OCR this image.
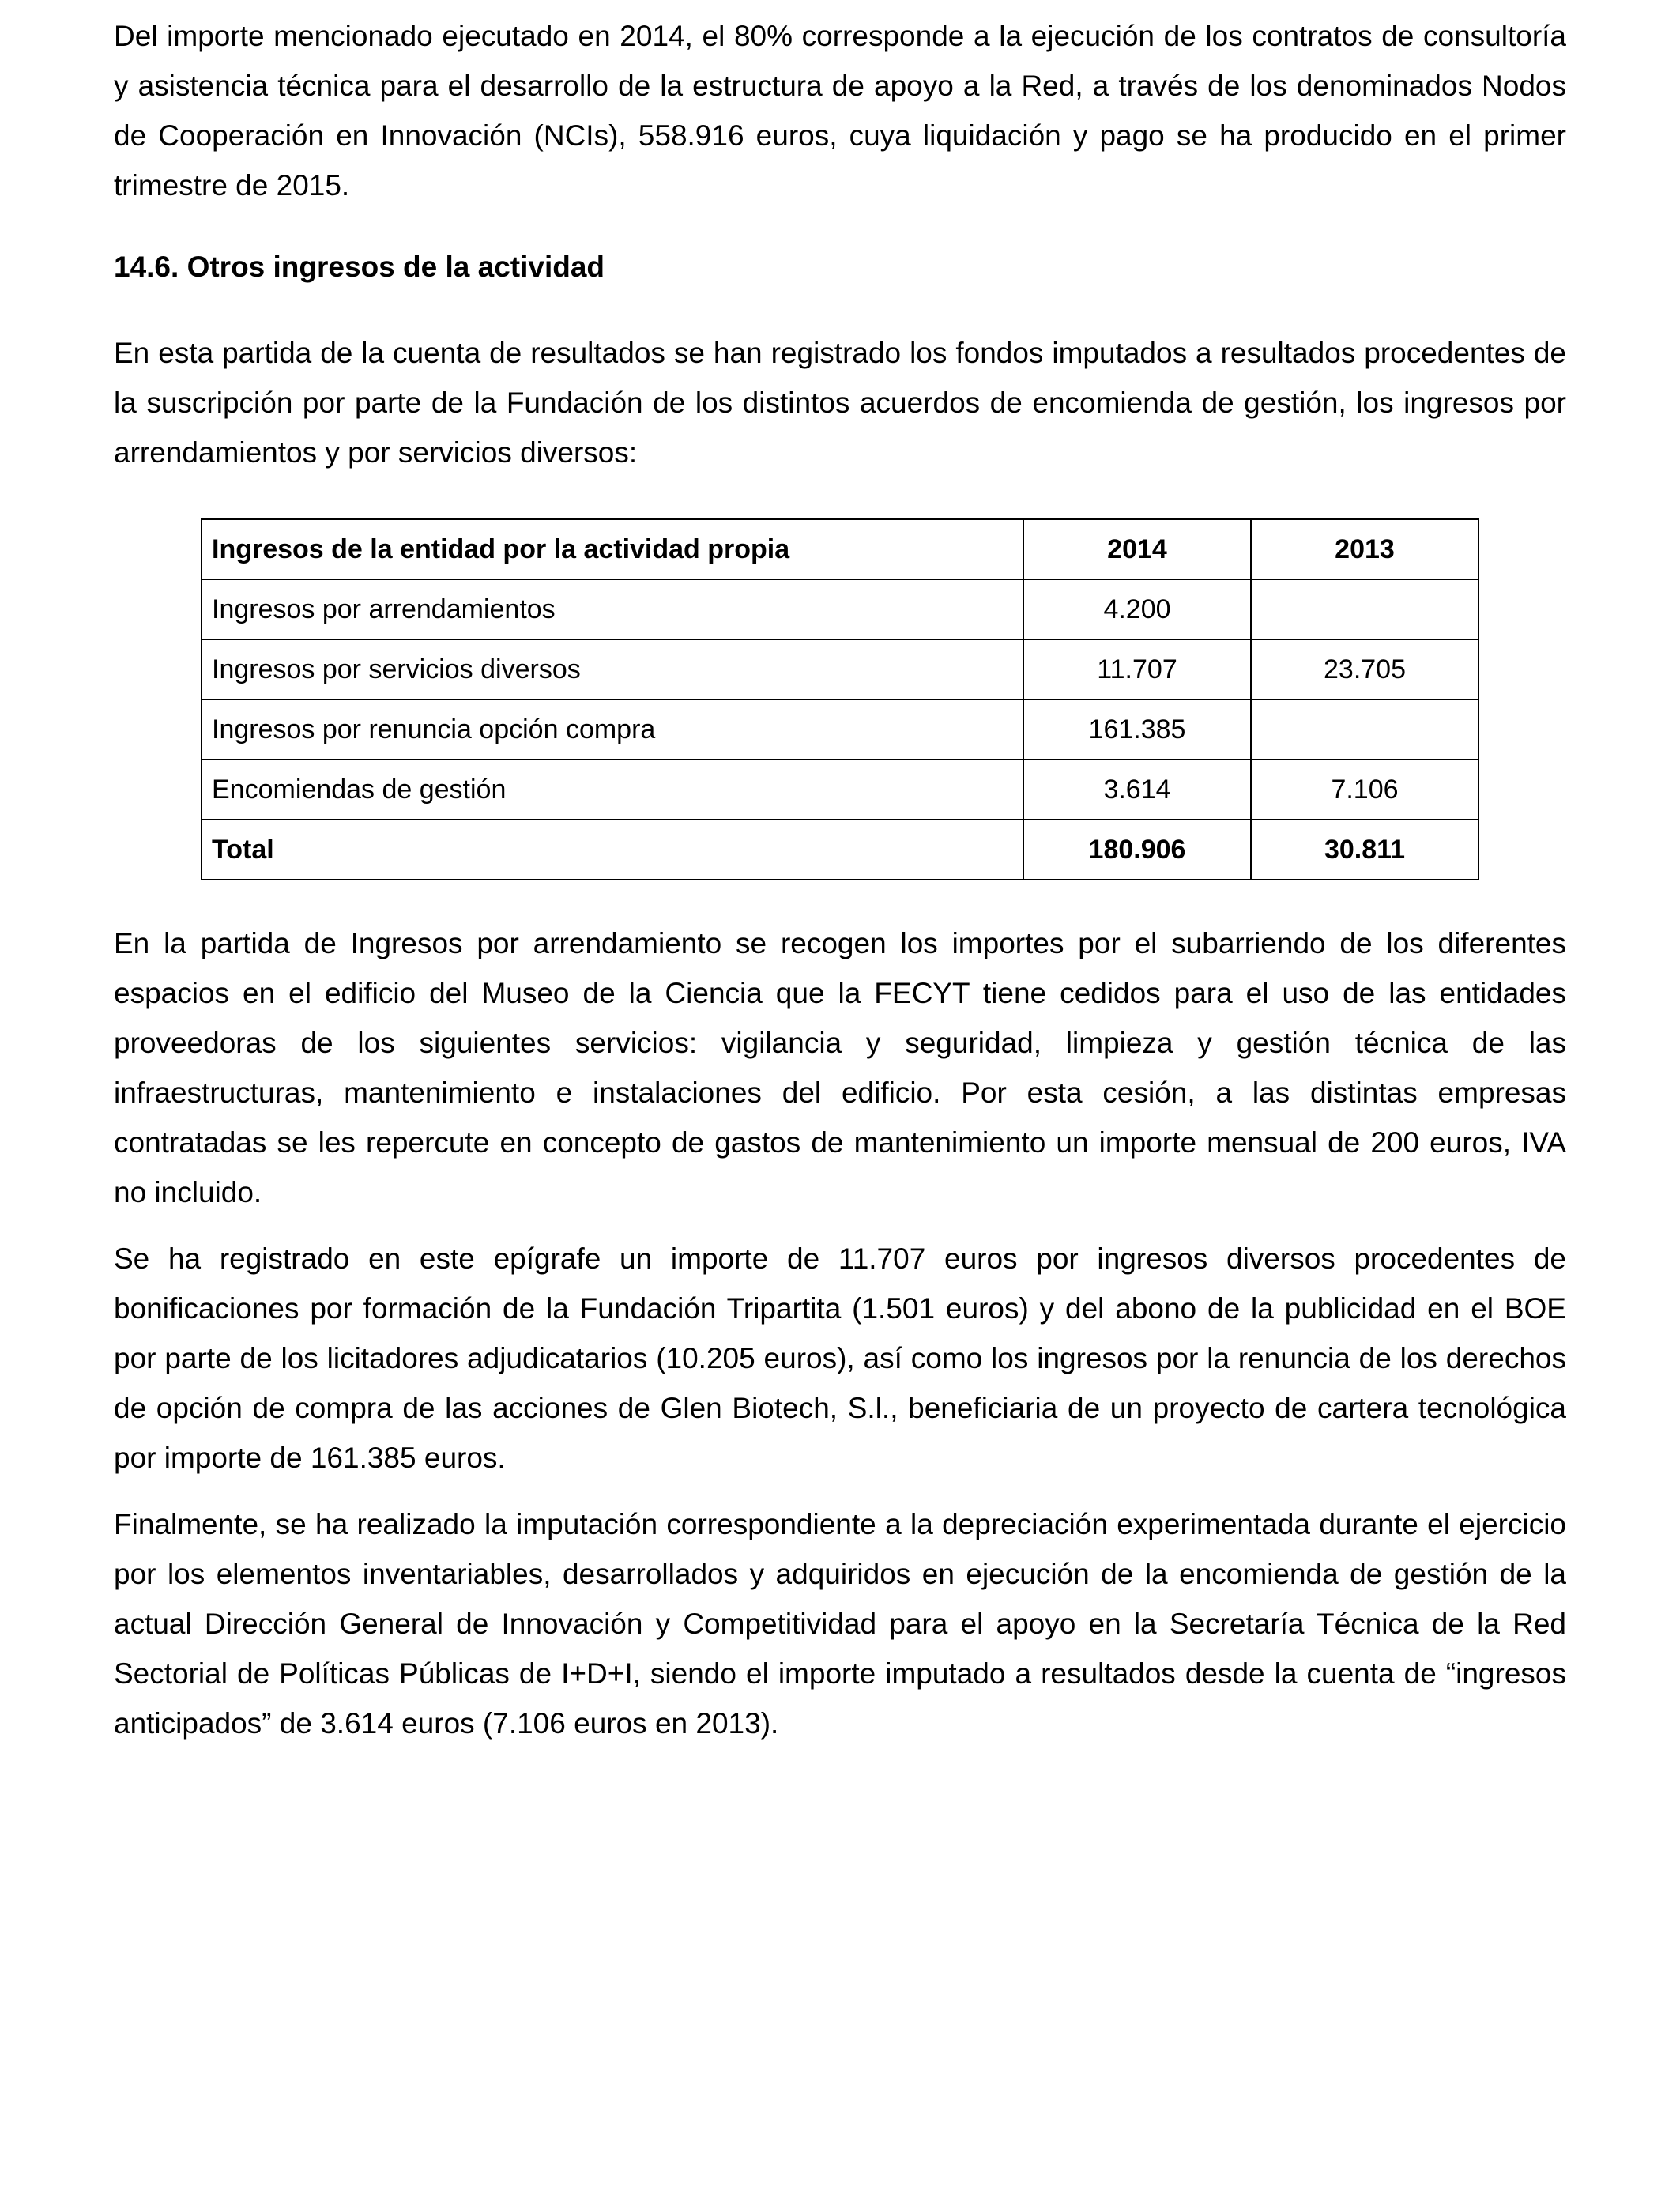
Del importe mencionado ejecutado en 2014, el 80% corresponde a la ejecución de los contratos de consultoría y asistencia técnica para el desarrollo de la estructura de apoyo a la Red, a través de los denominados Nodos de Cooperación en Innovación (NCIs), 558.916 euros, cuya liquidación y pago se ha producido en el primer trimestre de 2015.

14.6. Otros ingresos de la actividad

En esta partida de la cuenta de resultados se han registrado los fondos imputados a resultados procedentes de la suscripción por parte de la Fundación de los distintos acuerdos de encomienda de gestión, los ingresos por arrendamientos y por servicios diversos:

Ingresos de la entidad por la actividad propia	2014	2013
Ingresos por arrendamientos	4.200	
Ingresos por servicios diversos	11.707	23.705
Ingresos por renuncia opción compra	161.385	
Encomiendas de gestión	3.614	7.106
Total	180.906	30.811

En la partida de Ingresos por arrendamiento se recogen los importes por el subarriendo de los diferentes espacios en el edificio del Museo de la Ciencia que la FECYT tiene cedidos para el uso de las entidades proveedoras de los siguientes servicios: vigilancia y seguridad, limpieza y gestión técnica de las infraestructuras, mantenimiento e instalaciones del edificio. Por esta cesión, a las distintas empresas contratadas se les repercute en concepto de gastos de mantenimiento un importe mensual de 200 euros, IVA no incluido.

Se ha registrado en este epígrafe un importe de 11.707 euros por ingresos diversos procedentes de bonificaciones por formación de la Fundación Tripartita (1.501 euros) y del abono de la publicidad en el BOE por parte de los licitadores adjudicatarios (10.205 euros), así como los ingresos por la renuncia de los derechos de opción de compra de las acciones de Glen Biotech, S.l., beneficiaria de un proyecto de cartera tecnológica por importe de 161.385 euros.

Finalmente, se ha realizado la imputación correspondiente a la depreciación experimentada durante el ejercicio por los elementos inventariables, desarrollados y adquiridos en ejecución de la encomienda de gestión de la actual Dirección General de Innovación y Competitividad para el apoyo en la Secretaría Técnica de la Red Sectorial de Políticas Públicas de I+D+I, siendo el importe imputado a resultados desde la cuenta de “ingresos anticipados” de 3.614 euros (7.106 euros en 2013).
